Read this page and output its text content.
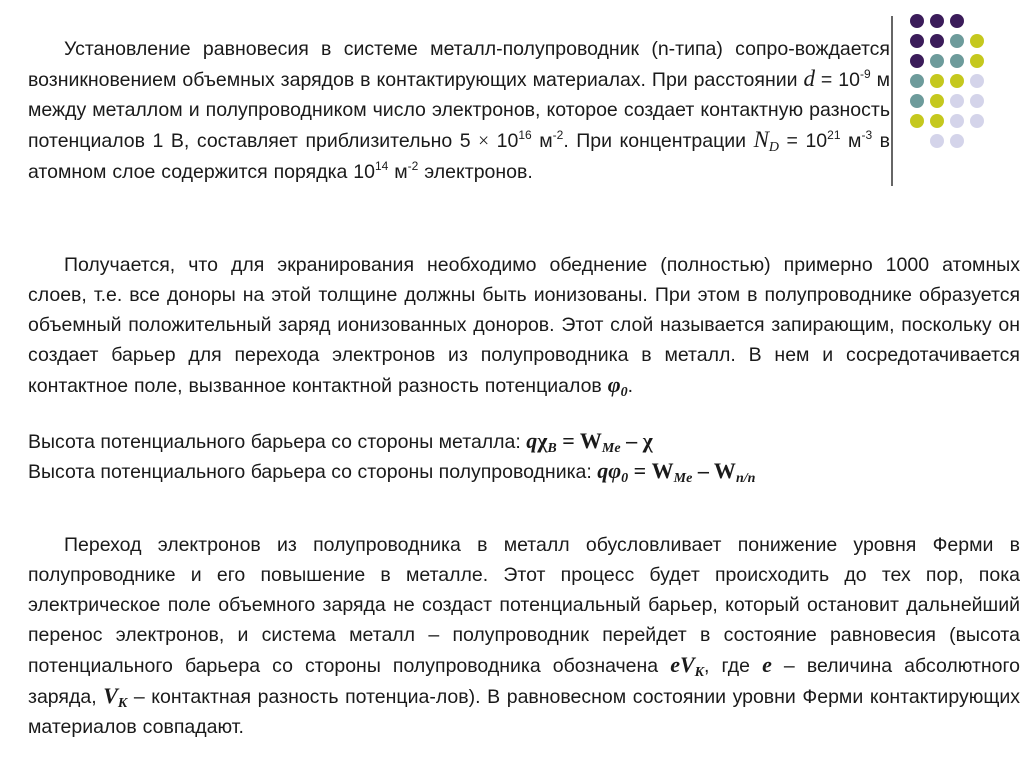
Установление равновесия в системе металл-полупроводник (n-типа) сопро-вождается возникновением объемных зарядов в контактирующих материалах. При расстоянии $d = 10^{-9}$ м между металлом и полупроводником число электронов, которое создает контактную разность потенциалов 1 В, составляет приблизительно $5 \times 10^{16}$ $м^{-2}$. При концентрации $N_D = 10^{21}$ $м^{-3}$ в атомном слое содержится порядка $10^{14}$ $м^{-2}$ электронов.

Получается, что для экранирования необходимо обеднение (полностью) примерно 1000 атомных слоев, т.е. все доноры на этой толщине должны быть ионизованы. При этом в полупроводнике образуется объемный положительный заряд ионизованных доноров. Этот слой называется запирающим, поскольку он создает барьер для перехода электронов из полупроводника в металл. В нем и сосредотачивается контактное поле, вызванное контактной разность потенциалов $\varphi_0$.

Высота потенциального барьера со стороны металла: $q\chi_B = W_{Me} - \chi$

Высота потенциального барьера со стороны полупроводника: $q\varphi_0 = W_{Me} - W_{n/n}$

Переход электронов из полупроводника в металл обусловливает понижение уровня Ферми в полупроводнике и его повышение в металле. Этот процесс будет происходить до тех пор, пока электрическое поле объемного заряда не создаст потенциальный барьер, который остановит дальнейший перенос электронов, и система металл – полупроводник перейдет в состояние равновесия (высота потенциального барьера со стороны полупроводника обозначена $eV_K$, где e – величина абсолютного заряда, $V_K$ – контактная разность потенциа-лов). В равновесном состоянии уровни Ферми контактирующих материалов совпадают.
